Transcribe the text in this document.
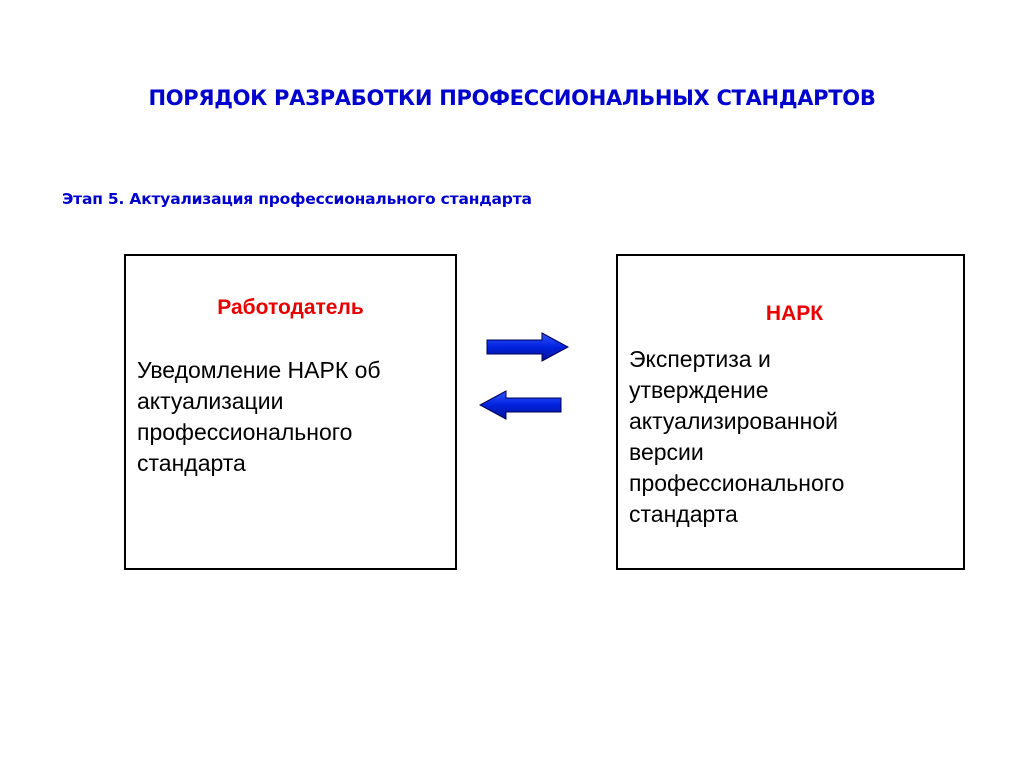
ПОРЯДОК РАЗРАБОТКИ ПРОФЕССИОНАЛЬНЫХ СТАНДАРТОВ
Этап 5. Актуализация профессионального стандарта
Работодатель
Уведомление НАРК об
актуализации
профессионального
стандарта
НАРК
Экспертиза и
утверждение
актуализированной
версии
профессионального
стандарта
